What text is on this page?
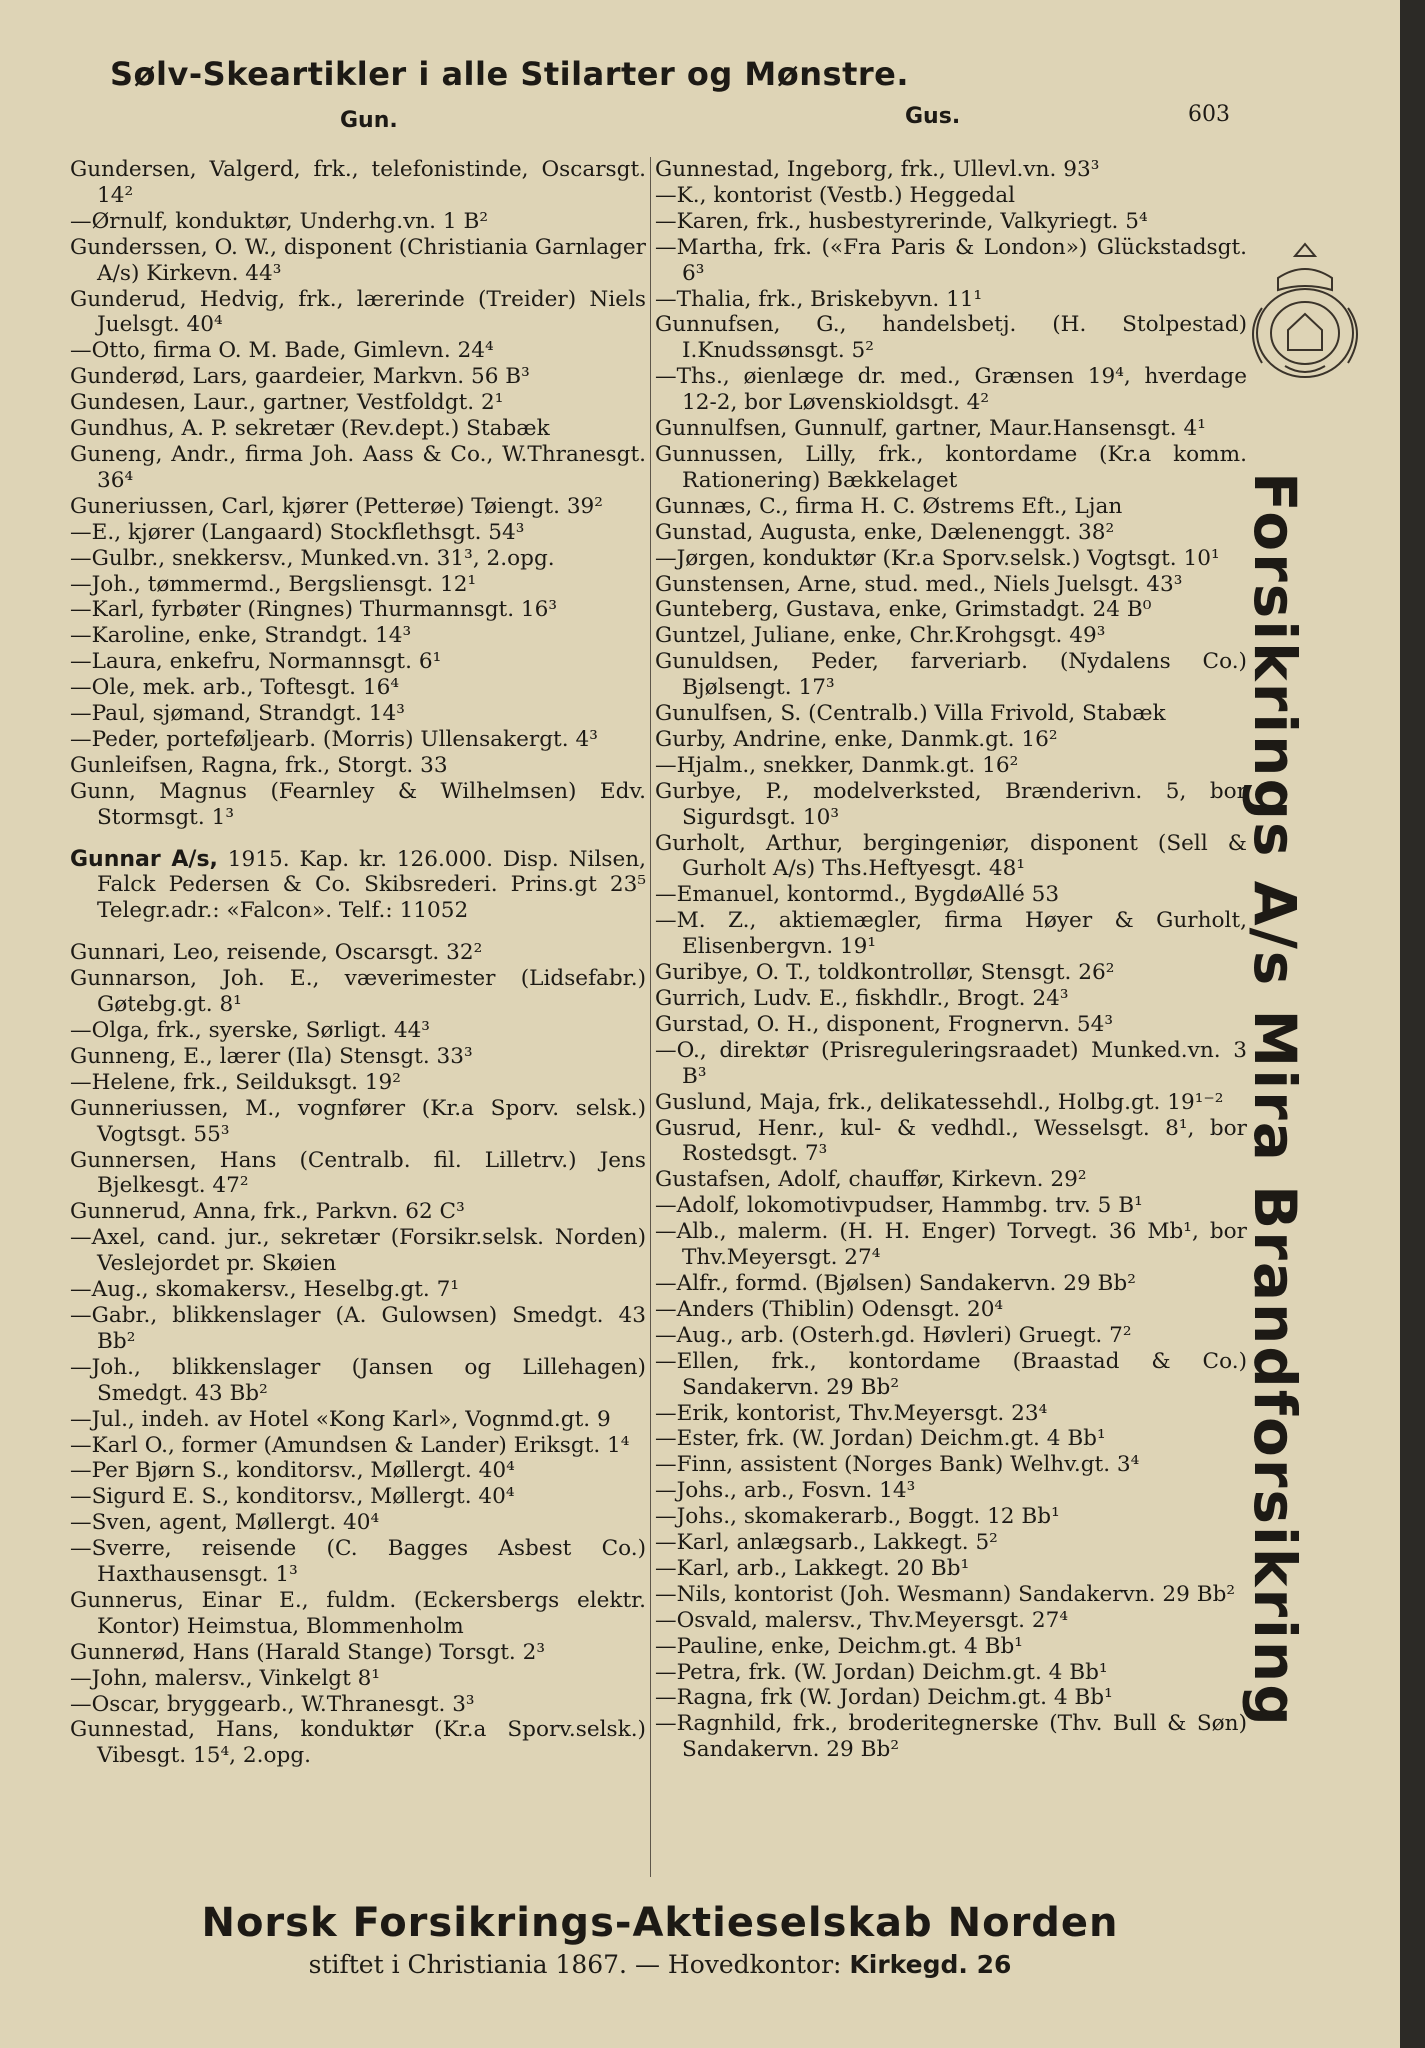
Sølv-Skeartikler i alle Stilarter og Mønstre.
Gun.	Gus.	603

Gundersen, Valgerd, frk., telefonistinde, Oscarsgt. 14²

—Ørnulf, konduktør, Underhg.vn. 1 B²

Gunderssen, O. W., disponent (Christiania Garnlager A/s) Kirkevn. 44³

Gunderud, Hedvig, frk., lærerinde (Treider) Niels Juelsgt. 40⁴

—Otto, firma O. M. Bade, Gimlevn. 24⁴

Gunderød, Lars, gaardeier, Markvn. 56 B³

Gundesen, Laur., gartner, Vestfoldgt. 2¹

Gundhus, A. P. sekretær (Rev.dept.) Stabæk

Guneng, Andr., firma Joh. Aass & Co., W.Thranesgt. 36⁴

Guneriussen, Carl, kjører (Petterøe) Tøiengt. 39²

—E., kjører (Langaard) Stockflethsgt. 54³

—Gulbr., snekkersv., Munked.vn. 31³, 2.opg.

—Joh., tømmermd., Bergsliensgt. 12¹

—Karl, fyrbøter (Ringnes) Thurmannsgt. 16³

—Karoline, enke, Strandgt. 14³

—Laura, enkefru, Normannsgt. 6¹

—Ole, mek. arb., Toftesgt. 16⁴

—Paul, sjømand, Strandgt. 14³

—Peder, porteføljearb. (Morris) Ullensakergt. 4³

Gunleifsen, Ragna, frk., Storgt. 33

Gunn, Magnus (Fearnley & Wilhelmsen) Edv. Stormsgt. 1³

Gunnar A/s, 1915. Kap. kr. 126.000. Disp. Nilsen, Falck Pedersen & Co. Skibsrederi. Prins.gt 23⁵ Telegr.adr.: «Falcon». Telf.: 11052

Gunnari, Leo, reisende, Oscarsgt. 32²

Gunnarson, Joh. E., væverimester (Lidsefabr.) Gøtebg.gt. 8¹

—Olga, frk., syerske, Sørligt. 44³

Gunneng, E., lærer (Ila) Stensgt. 33³

—Helene, frk., Seilduksgt. 19²

Gunneriussen, M., vognfører (Kr.a Sporv. selsk.) Vogtsgt. 55³

Gunnersen, Hans (Centralb. fil. Lilletrv.) Jens Bjelkesgt. 47²

Gunnerud, Anna, frk., Parkvn. 62 C³

—Axel, cand. jur., sekretær (Forsikr.selsk. Norden) Veslejordet pr. Skøien

—Aug., skomakersv., Heselbg.gt. 7¹

—Gabr., blikkenslager (A. Gulowsen) Smedgt. 43 Bb²

—Joh., blikkenslager (Jansen og Lillehagen) Smedgt. 43 Bb²

—Jul., indeh. av Hotel «Kong Karl», Vognmd.gt. 9

—Karl O., former (Amundsen & Lander) Eriksgt. 1⁴

—Per Bjørn S., konditorsv., Møllergt. 40⁴

—Sigurd E. S., konditorsv., Møllergt. 40⁴

—Sven, agent, Møllergt. 40⁴

—Sverre, reisende (C. Bagges Asbest Co.) Haxthausensgt. 1³

Gunnerus, Einar E., fuldm. (Eckersbergs elektr. Kontor) Heimstua, Blommenholm

Gunnerød, Hans (Harald Stange) Torsgt. 2³

—John, malersv., Vinkelgt 8¹

—Oscar, bryggearb., W.Thranesgt. 3³

Gunnestad, Hans, konduktør (Kr.a Sporv.selsk.) Vibesgt. 15⁴, 2.opg.

Gunnestad, Ingeborg, frk., Ullevl.vn. 93³

—K., kontorist (Vestb.) Heggedal

—Karen, frk., husbestyrerinde, Valkyriegt. 5⁴

—Martha, frk. («Fra Paris & London») Glückstadsgt. 6³

—Thalia, frk., Briskebyvn. 11¹

Gunnufsen, G., handelsbetj. (H. Stolpestad) I.Knudssønsgt. 5²

—Ths., øienlæge dr. med., Grænsen 19⁴, hverdage 12-2, bor Løvenskioldsgt. 4²

Gunnulfsen, Gunnulf, gartner, Maur.Hansensgt. 4¹

Gunnussen, Lilly, frk., kontordame (Kr.a komm. Rationering) Bækkelaget

Gunnæs, C., firma H. C. Østrems Eft., Ljan

Gunstad, Augusta, enke, Dælenenggt. 38²

—Jørgen, konduktør (Kr.a Sporv.selsk.) Vogtsgt. 10¹

Gunstensen, Arne, stud. med., Niels Juelsgt. 43³

Gunteberg, Gustava, enke, Grimstadgt. 24 B⁰

Guntzel, Juliane, enke, Chr.Krohgsgt. 49³

Gunuldsen, Peder, farveriarb. (Nydalens Co.) Bjølsengt. 17³

Gunulfsen, S. (Centralb.) Villa Frivold, Stabæk

Gurby, Andrine, enke, Danmk.gt. 16²

—Hjalm., snekker, Danmk.gt. 16²

Gurbye, P., modelverksted, Brænderivn. 5, bor Sigurdsgt. 10³

Gurholt, Arthur, bergingeniør, disponent (Sell & Gurholt A/s) Ths.Heftyesgt. 48¹

—Emanuel, kontormd., BygdøAllé 53

—M. Z., aktiemægler, firma Høyer & Gurholt, Elisenbergvn. 19¹

Guribye, O. T., toldkontrollør, Stensgt. 26²

Gurrich, Ludv. E., fiskhdlr., Brogt. 24³

Gurstad, O. H., disponent, Frognervn. 54³

—O., direktør (Prisreguleringsraadet) Munked.vn. 3 B³

Guslund, Maja, frk., delikatessehdl., Holbg.gt. 19¹⁻²

Gusrud, Henr., kul- & vedhdl., Wesselsgt. 8¹, bor Rostedsgt. 7³

Gustafsen, Adolf, chauffør, Kirkevn. 29²

—Adolf, lokomotivpudser, Hammbg. trv. 5 B¹

—Alb., malerm. (H. H. Enger) Torvegt. 36 Mb¹, bor Thv.Meyersgt. 27⁴

—Alfr., formd. (Bjølsen) Sandakervn. 29 Bb²

—Anders (Thiblin) Odensgt. 20⁴

—Aug., arb. (Osterh.gd. Høvleri) Gruegt. 7²

—Ellen, frk., kontordame (Braastad & Co.) Sandakervn. 29 Bb²

—Erik, kontorist, Thv.Meyersgt. 23⁴

—Ester, frk. (W. Jordan) Deichm.gt. 4 Bb¹

—Finn, assistent (Norges Bank) Welhv.gt. 3⁴

—Johs., arb., Fosvn. 14³

—Johs., skomakerarb., Boggt. 12 Bb¹

—Karl, anlægsarb., Lakkegt. 5²

—Karl, arb., Lakkegt. 20 Bb¹

—Nils, kontorist (Joh. Wesmann) Sandakervn. 29 Bb²

—Osvald, malersv., Thv.Meyersgt. 27⁴

—Pauline, enke, Deichm.gt. 4 Bb¹

—Petra, frk. (W. Jordan) Deichm.gt. 4 Bb¹

—Ragna, frk (W. Jordan) Deichm.gt. 4 Bb¹

—Ragnhild, frk., broderitegnerske (Thv. Bull & Søn) Sandakervn. 29 Bb²

Forsikrings A/s Mira Brandforsikring
Norsk Forsikrings-Aktieselskab Norden
stiftet i Christiania 1867. — Hovedkontor: Kirkegd. 26
